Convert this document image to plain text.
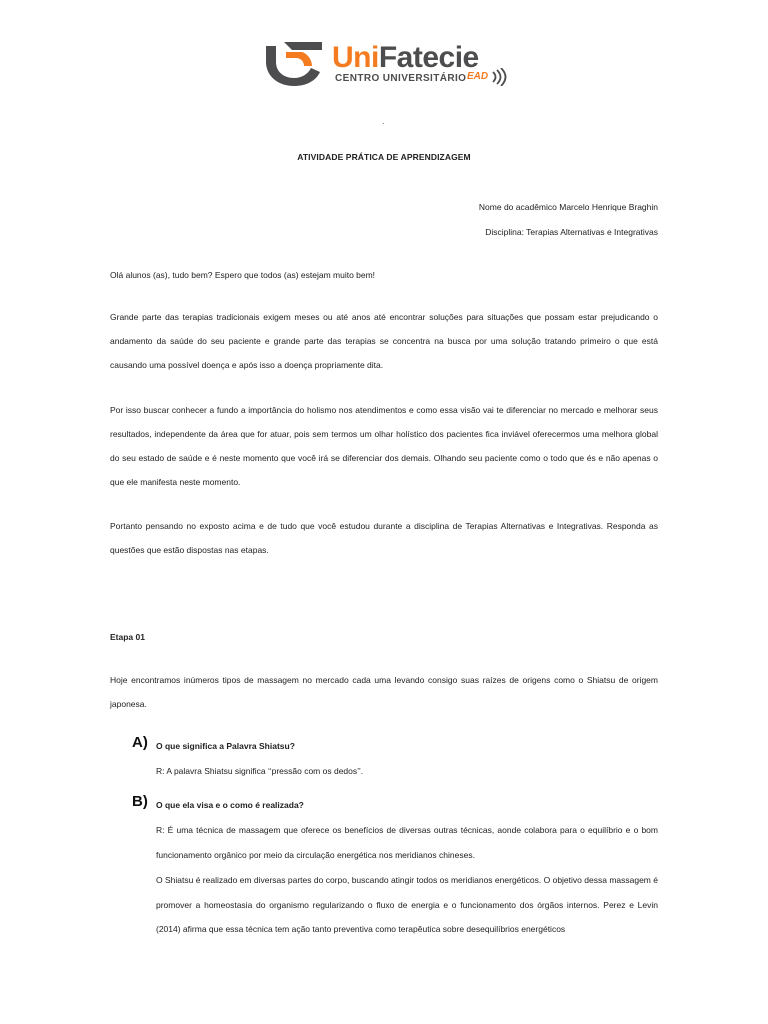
UniFatecie
CENTRO UNIVERSITÁRIO EAD
.
ATIVIDADE PRÁTICA DE APRENDIZAGEM
Nome do acadêmico Marcelo Henrique Braghin
Disciplina: Terapias Alternativas e Integrativas

Olá alunos (as), tudo bem? Espero que todos (as) estejam muito bem!

Grande parte das terapias tradicionais exigem meses ou até anos até encontrar soluções para situações que possam estar prejudicando o andamento da saúde do seu paciente e grande parte das terapias se concentra na busca por uma solução tratando primeiro o que está causando uma possível doença e após isso a doença propriamente dita.

Por isso buscar conhecer a fundo a importância do holismo nos atendimentos e como essa visão vai te diferenciar no mercado e melhorar seus resultados, independente da área que for atuar, pois sem termos um olhar holístico dos pacientes fica inviável oferecermos uma melhora global do seu estado de saúde e é neste momento que você irá se diferenciar dos demais. Olhando seu paciente como o todo que és e não apenas o que ele manifesta neste momento.

Portanto pensando no exposto acima e de tudo que você estudou durante a disciplina de Terapias Alternativas e Integrativas. Responda as questões que estão dispostas nas etapas.

Etapa 01

Hoje encontramos inúmeros tipos de massagem no mercado cada uma levando consigo suas raízes de origens como o Shiatsu de origem japonesa.

A) O que significa a Palavra Shiatsu?

R: A palavra Shiatsu significa ‘‘pressão com os dedos’’.

B) O que ela visa e o como é realizada?

R: É uma técnica de massagem que oferece os benefícios de diversas outras técnicas, aonde colabora para o equilíbrio e o bom funcionamento orgânico por meio da circulação energética nos meridianos chineses.

O Shiatsu é realizado em diversas partes do corpo, buscando atingir todos os meridianos energéticos. O objetivo dessa massagem é promover a homeostasia do organismo regularizando o fluxo de energia e o funcionamento dos órgãos internos. Perez e Levin (2014) afirma que essa técnica tem ação tanto preventiva como terapêutica sobre desequilíbrios energéticos
